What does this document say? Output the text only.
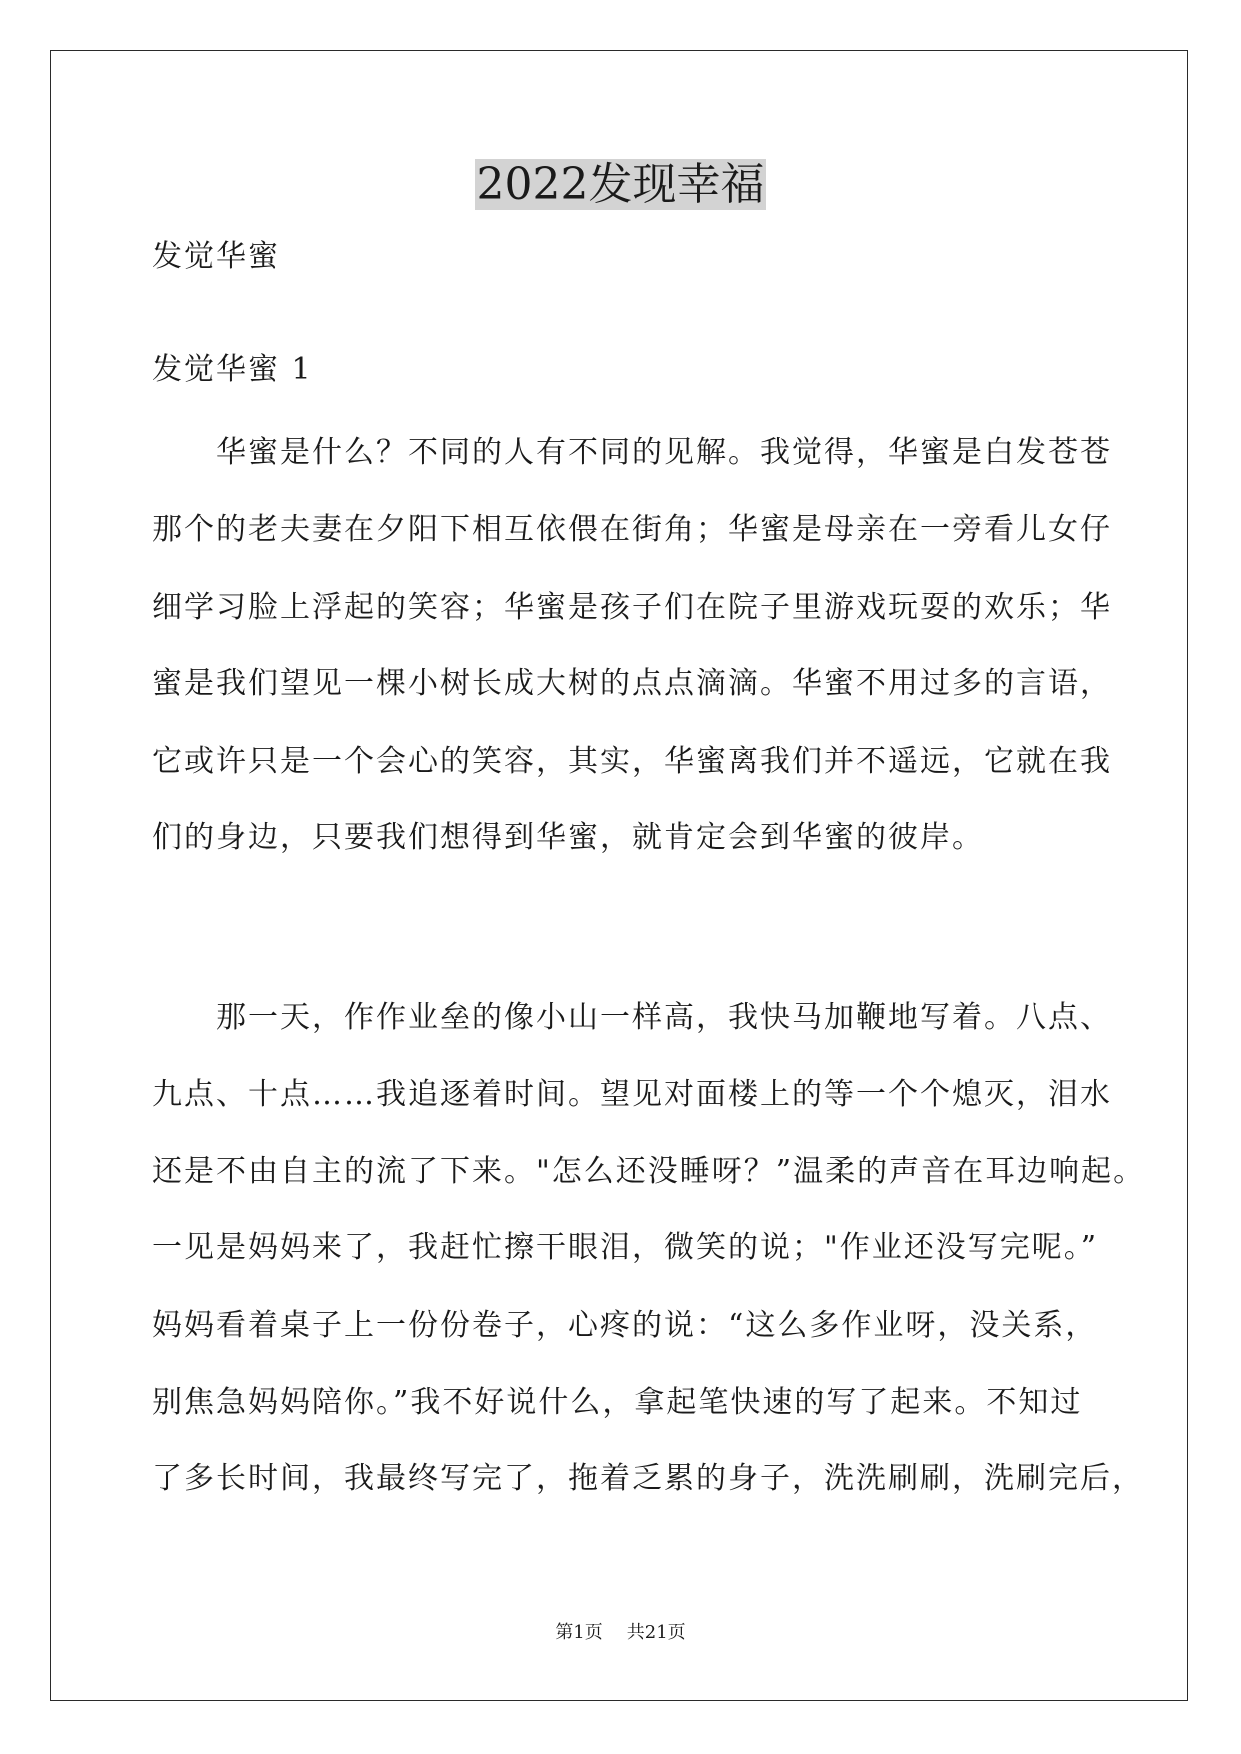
2022发现幸福
发觉华蜜
发觉华蜜 1
　　华蜜是什么？不同的人有不同的见解。我觉得，华蜜是白发苍苍
那个的老夫妻在夕阳下相互依偎在街角；华蜜是母亲在一旁看儿女仔
细学习脸上浮起的笑容；华蜜是孩子们在院子里游戏玩耍的欢乐；华
蜜是我们望见一棵小树长成大树的点点滴滴。华蜜不用过多的言语，
它或许只是一个会心的笑容，其实，华蜜离我们并不遥远，它就在我
们的身边，只要我们想得到华蜜，就肯定会到华蜜的彼岸。
　　那一天，作作业垒的像小山一样高，我快马加鞭地写着。八点、
九点、十点……我追逐着时间。望见对面楼上的等一个个熄灭，泪水
还是不由自主的流了下来。"怎么还没睡呀？”温柔的声音在耳边响起。
一见是妈妈来了，我赶忙擦干眼泪，微笑的说；"作业还没写完呢。”
妈妈看着桌子上一份份卷子，心疼的说：“这么多作业呀，没关系，
别焦急妈妈陪你。”我不好说什么，拿起笔快速的写了起来。不知过
了多长时间，我最终写完了，拖着乏累的身子，洗洗刷刷，洗刷完后，
第1页 共21页
